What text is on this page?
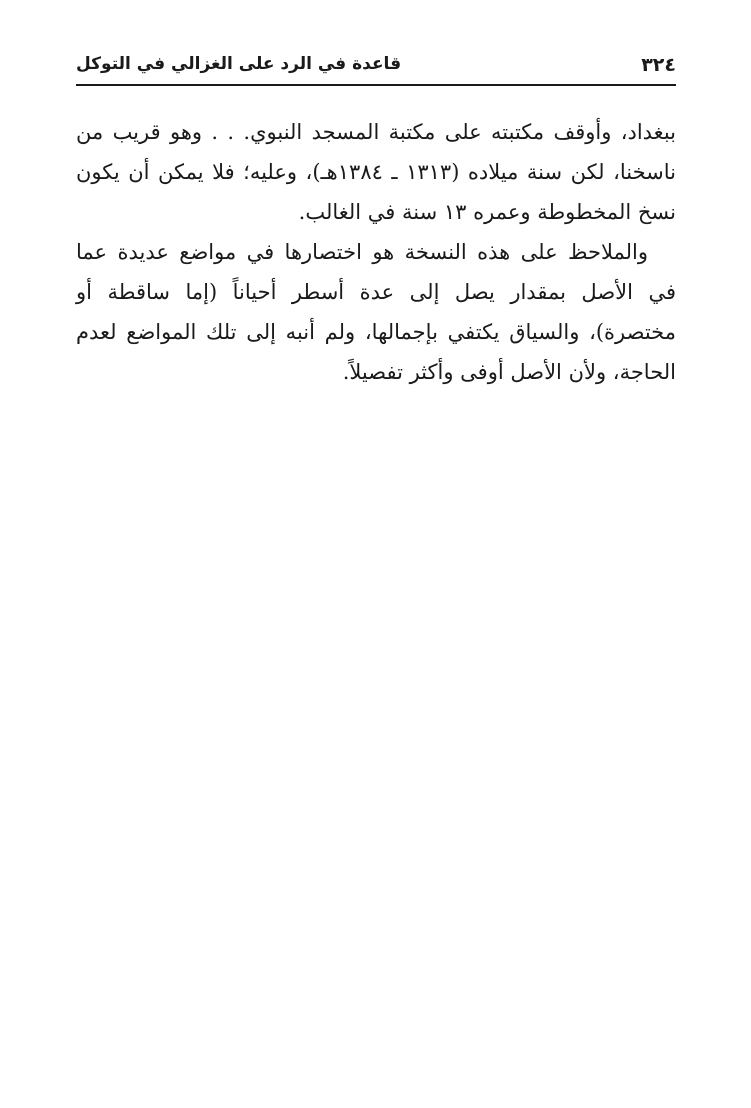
٣٢٤
قاعدة في الرد على الغزالي في التوكل

ببغداد، وأوقف مكتبته على مكتبة المسجد النبوي. . . وهو قريب من ناسخنا، لكن سنة ميلاده (١٣١٣ ـ ١٣٨٤هـ)، وعليه؛ فلا يمكن أن يكون نسخ المخطوطة وعمره ١٣ سنة في الغالب.

والملاحظ على هذه النسخة هو اختصارها في مواضع عديدة عما في الأصل بمقدار يصل إلى عدة أسطر أحياناً (إما ساقطة أو مختصرة)، والسياق يكتفي بإجمالها، ولم أنبه إلى تلك المواضع لعدم الحاجة، ولأن الأصل أوفى وأكثر تفصيلاً.
